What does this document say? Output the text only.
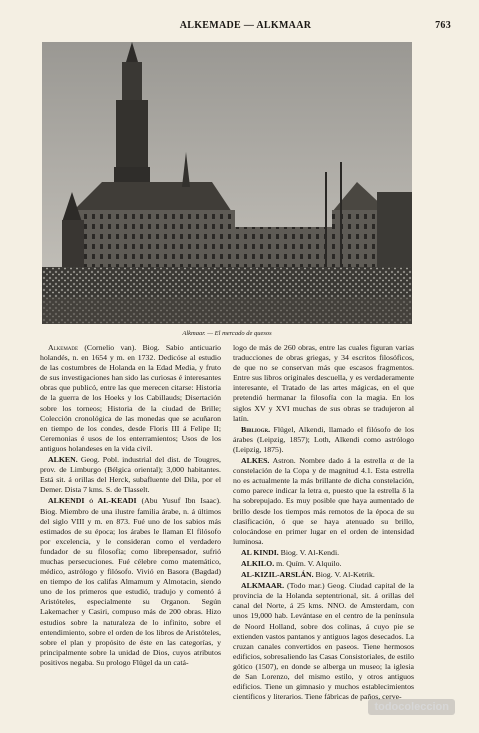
ALKEMADE — ALKMAAR	763
Alkmaar. — El mercado de quesos

Alkemade (Cornelio van). Biog. Sabio anticuario holandés, n. en 1654 y m. en 1732. Dedicóse al estudio de las costumbres de Holanda en la Edad Media, y fruto de sus investigaciones han sido las curiosas é interesantes obras que publicó, entre las que merecen citarse: Historia de la guerra de los Hoeks y los Cabillauds; Disertación sobre los torneos; Historia de la ciudad de Brille; Colección cronológica de las monedas que se acuñaron en tiempo de los condes, desde Floris III á Felipe II; Ceremonias é usos de los enterramientos; Usos de los antiguos holandeses en la vida civil.

ALKEN. Geog. Pobl. industrial del dist. de Tougres, prov. de Limburgo (Bélgica oriental); 3,000 habitantes. Está sit. á orillas del Herck, subafluente del Dila, por el Demer. Dista 7 kms. S. de Tlasselt.

ALKENDI ó AL-KEADI (Abu Yusuf Ibn Isaac). Biog. Miembro de una ilustre familia árabe, n. á últimos del siglo VIII y m. en 873. Fué uno de los sabios más estimados de su época; los árabes le llaman El filósofo por excelencia, y le consideran como el verdadero fundador de su filosofía; como librepensador, sufrió muchas persecuciones. Fué célebre como matemático, médico, astrólogo y filósofo. Vivió en Basora (Bagdad) en tiempo de los califas Almamum y Almotacin, siendo uno de los primeros que estudió, tradujo y comentó á Aristóteles, especialmente su Organon. Según Lakemacher y Casiri, compuso más de 200 obras. Hizo estudios sobre la naturaleza de lo infinito, sobre el entendimiento, sobre el orden de los libros de Aristóteles, sobre el plan y propósito de éste en las categorías, y principalmente sobre la unidad de Dios, cuyos atributos positivos negaba. Su prologo Flügel da un catá-

logo de más de 260 obras, entre las cuales figuran varias traducciones de obras griegas, y 34 escritos filosóficos, de que no se conservan más que escasos fragmentos. Entre sus libros originales descuella, y es verdaderamente interesante, el Tratado de las artes mágicas, en el que pretendió hermanar la filosofía con la magia. En los siglos XV y XVI muchas de sus obras se tradujeron al latín.

Bibliogr. Flügel, Alkendi, llamado el filósofo de los árabes (Leipzig, 1857); Loth, Alkendi como astrólogo (Leipzig, 1875).

ALKES. Astron. Nombre dado á la estrella α de la constelación de la Copa y de magnitud 4.1. Esta estrella no es actualmente la más brillante de dicha constelación, como parece indicar la letra α, puesto que la estrella δ la ha sobrepujado. Es muy posible que haya aumentado de brillo desde los tiempos más remotos de la época de su clasificación, ó que se haya atenuado su brillo, colocándose en primer lugar en el orden de intensidad luminosa.

AL KINDI. Biog. V. Al-Kendi.

ALKILO. m. Quím. V. Alquilo.

AL-KIZIL-ARSLÁN. Biog. V. Al-Ketrik.

ALKMAAR. (Todo mar.) Geog. Ciudad capital de la provincia de la Holanda septentrional, sit. á orillas del canal del Norte, á 25 kms. NNO. de Amsterdam, con unos 19,000 hab. Levántase en el centro de la península de Noord Holland, sobre dos colinas, á cuyo pie se extienden vastos pantanos y antiguos lagos desecados. La cruzan canales convertidos en paseos. Tiene hermosos edificios, sobresaliendo las Casas Consistoriales, de estilo gótico (1507), en donde se alberga un museo; la iglesia de San Lorenzo, del mismo estilo, y otros antiguos edificios. Tiene un gimnasio y muchos establecimientos científicos y literarios. Tiene fábricas de paños, cerve-

todocoleccion
